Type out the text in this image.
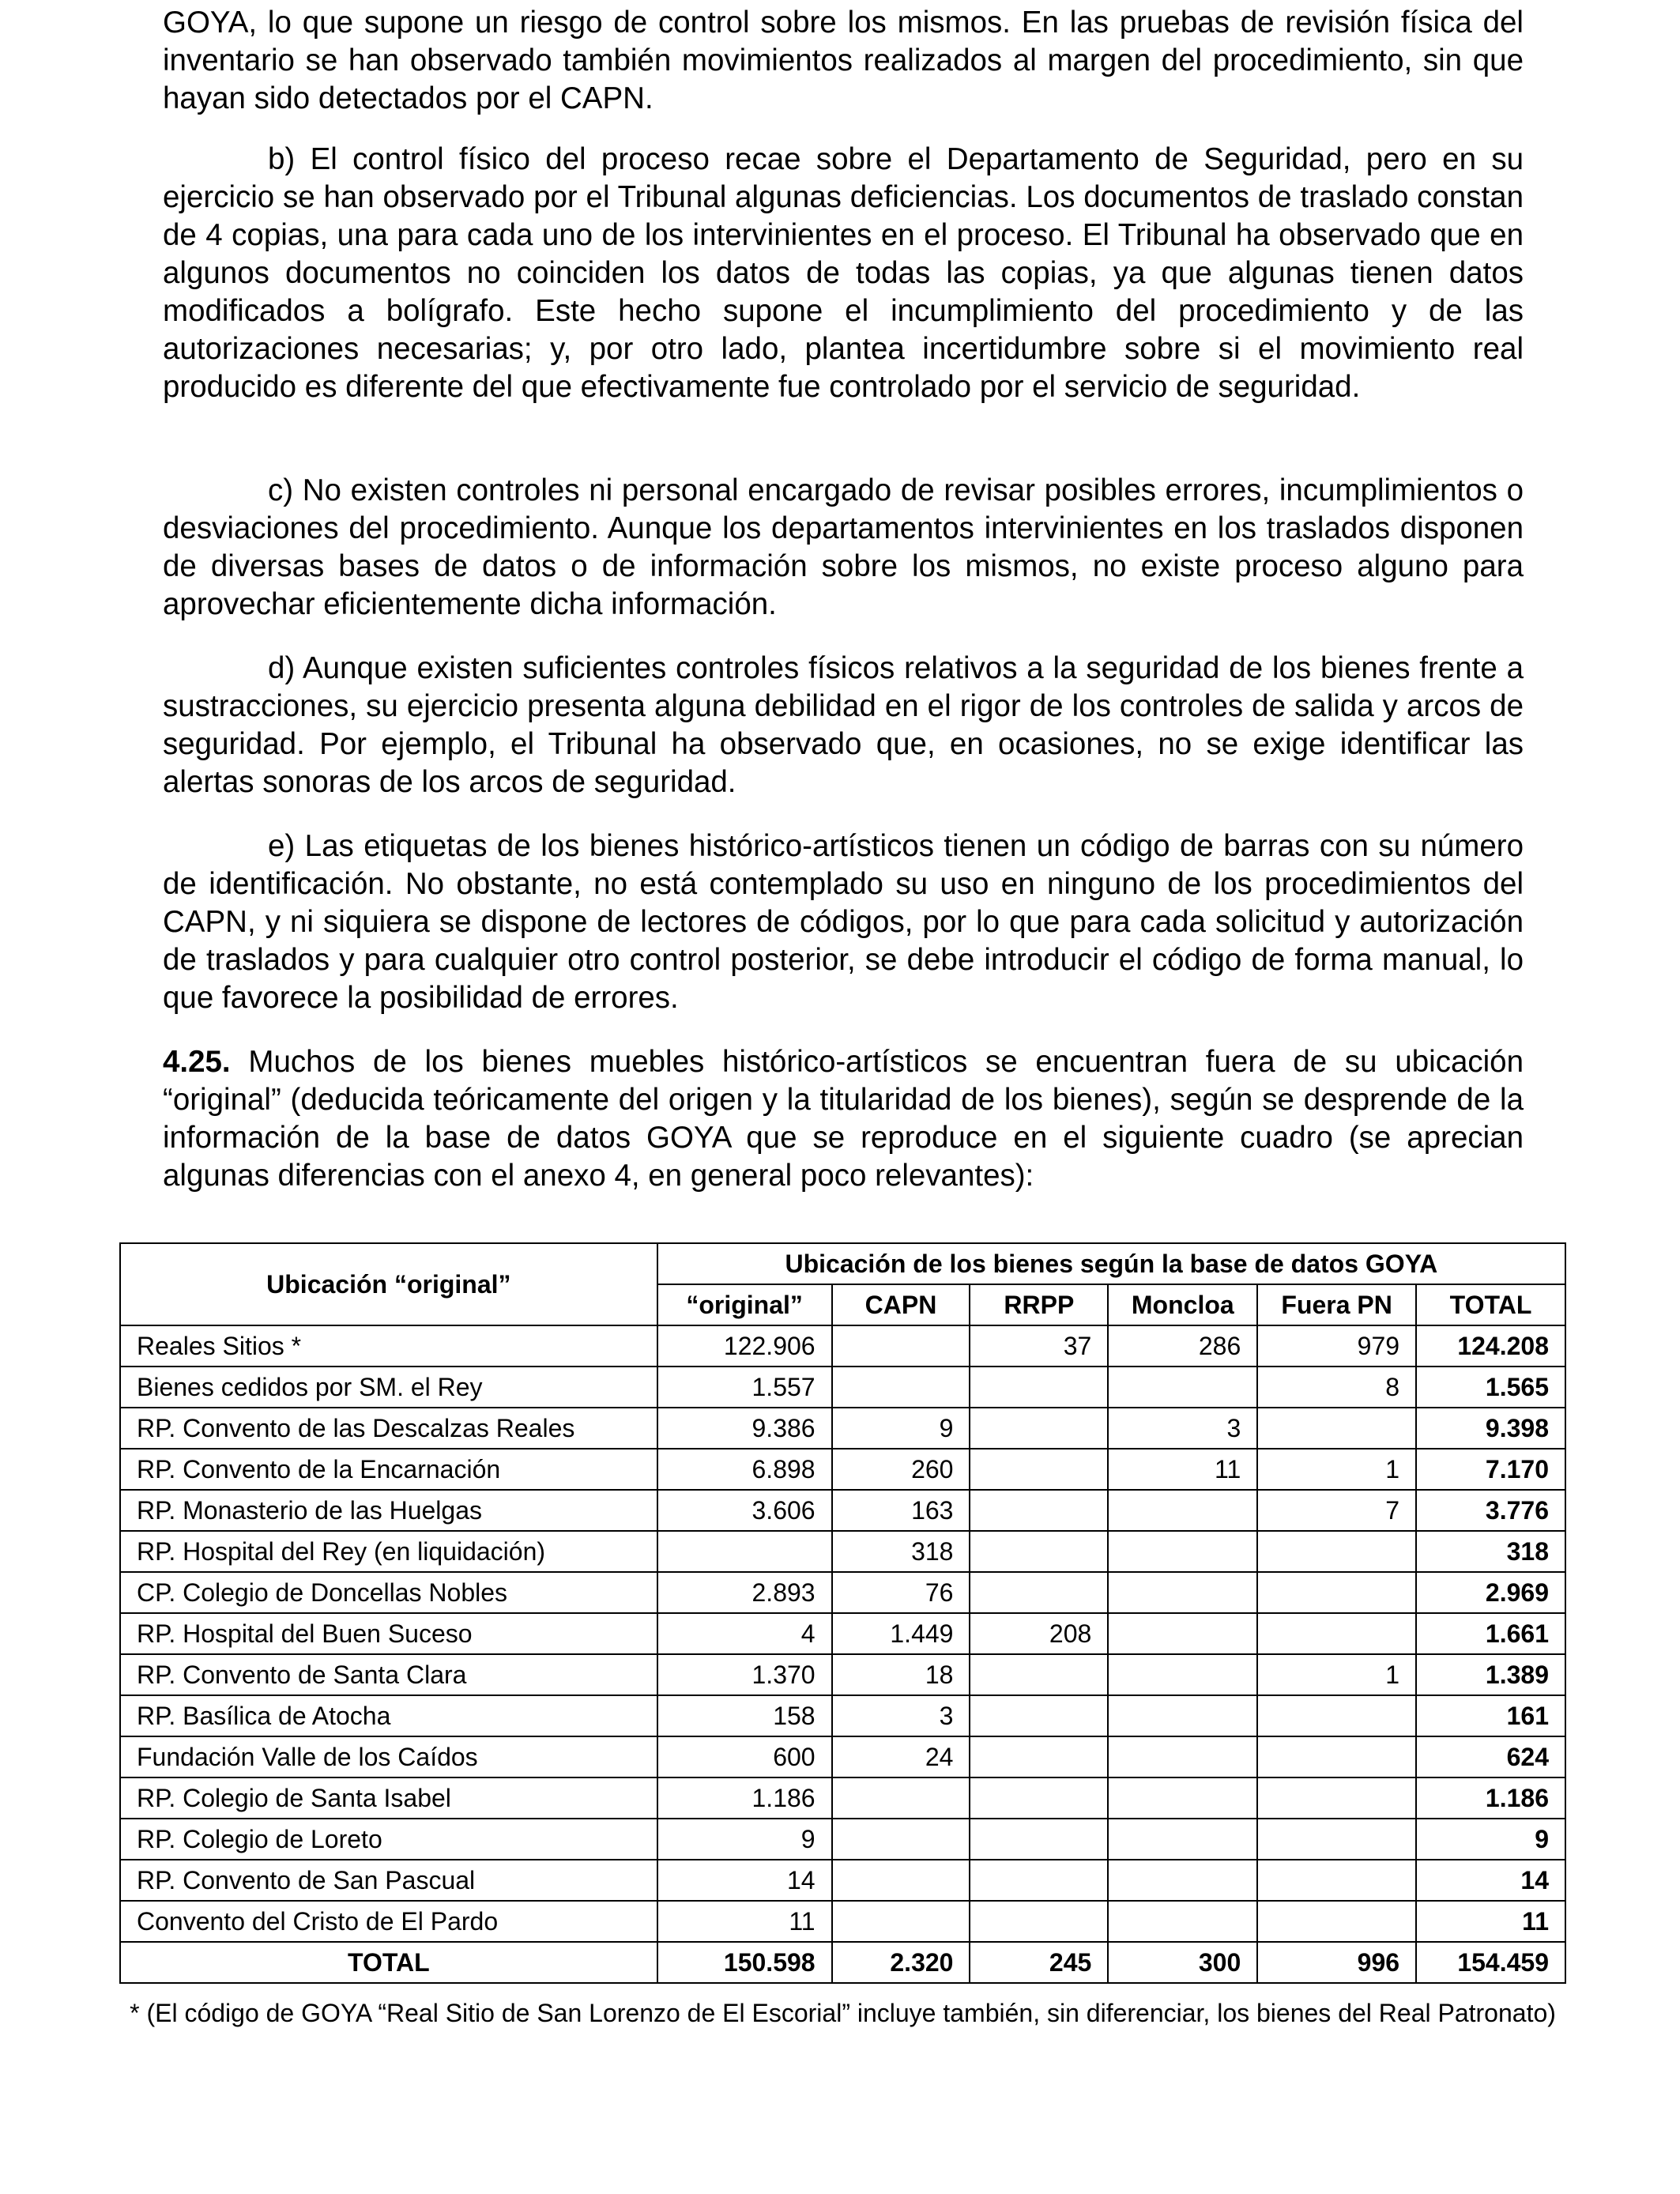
GOYA, lo que supone un riesgo de control sobre los mismos. En las pruebas de revisión física del inventario se han observado también movimientos realizados al margen del procedimiento, sin que hayan sido detectados por el CAPN.

b) El control físico del proceso recae sobre el Departamento de Seguridad, pero en su ejercicio se han observado por el Tribunal algunas deficiencias. Los documentos de traslado constan de 4 copias, una para cada uno de los intervinientes en el proceso. El Tribunal ha observado que en algunos documentos no coinciden los datos de todas las copias, ya que algunas tienen datos modificados a bolígrafo. Este hecho supone el incumplimiento del procedimiento y de las autorizaciones necesarias; y, por otro lado, plantea incertidumbre sobre si el movimiento real producido es diferente del que efectivamente fue controlado por el servicio de seguridad.

c) No existen controles ni personal encargado de revisar posibles errores, incumplimientos o desviaciones del procedimiento. Aunque los departamentos intervinientes en los traslados disponen de diversas bases de datos o de información sobre los mismos, no existe proceso alguno para aprovechar eficientemente dicha información.

d) Aunque existen suficientes controles físicos relativos a la seguridad de los bienes frente a sustracciones, su ejercicio presenta alguna debilidad en el rigor de los controles de salida y arcos de seguridad. Por ejemplo, el Tribunal ha observado que, en ocasiones, no se exige identificar las alertas sonoras de los arcos de seguridad.

e) Las etiquetas de los bienes histórico-artísticos tienen un código de barras con su número de identificación. No obstante, no está contemplado su uso en ninguno de los procedimientos del CAPN, y ni siquiera se dispone de lectores de códigos, por lo que para cada solicitud y autorización de traslados y para cualquier otro control posterior, se debe introducir el código de forma manual, lo que favorece la posibilidad de errores.

4.25. Muchos de los bienes muebles histórico-artísticos se encuentran fuera de su ubicación “original” (deducida teóricamente del origen y la titularidad de los bienes), según se desprende de la información de la base de datos GOYA que se reproduce en el siguiente cuadro (se aprecian algunas diferencias con el anexo 4, en general poco relevantes):

Ubicación “original”	Ubicación de los bienes según la base de datos GOYA					
	“original”	CAPN	RRPP	Moncloa	Fuera PN	TOTAL
Reales Sitios *	122.906		37	286	979	124.208
Bienes cedidos por SM. el Rey	1.557				8	1.565
RP. Convento de las Descalzas Reales	9.386	9		3		9.398
RP. Convento de la Encarnación	6.898	260		11	1	7.170
RP. Monasterio de las Huelgas	3.606	163			7	3.776
RP. Hospital del Rey (en liquidación)		318				318
CP. Colegio de Doncellas Nobles	2.893	76				2.969
RP. Hospital del Buen Suceso	4	1.449	208			1.661
RP. Convento de Santa Clara	1.370	18			1	1.389
RP. Basílica de Atocha	158	3				161
Fundación Valle de los Caídos	600	24				624
RP. Colegio de Santa Isabel	1.186					1.186
RP. Colegio de Loreto	9					9
RP. Convento de San Pascual	14					14
Convento del Cristo de El Pardo	11					11
TOTAL	150.598	2.320	245	300	996	154.459
* (El código de GOYA “Real Sitio de San Lorenzo de El Escorial” incluye también, sin diferenciar, los bienes del Real Patronato)
